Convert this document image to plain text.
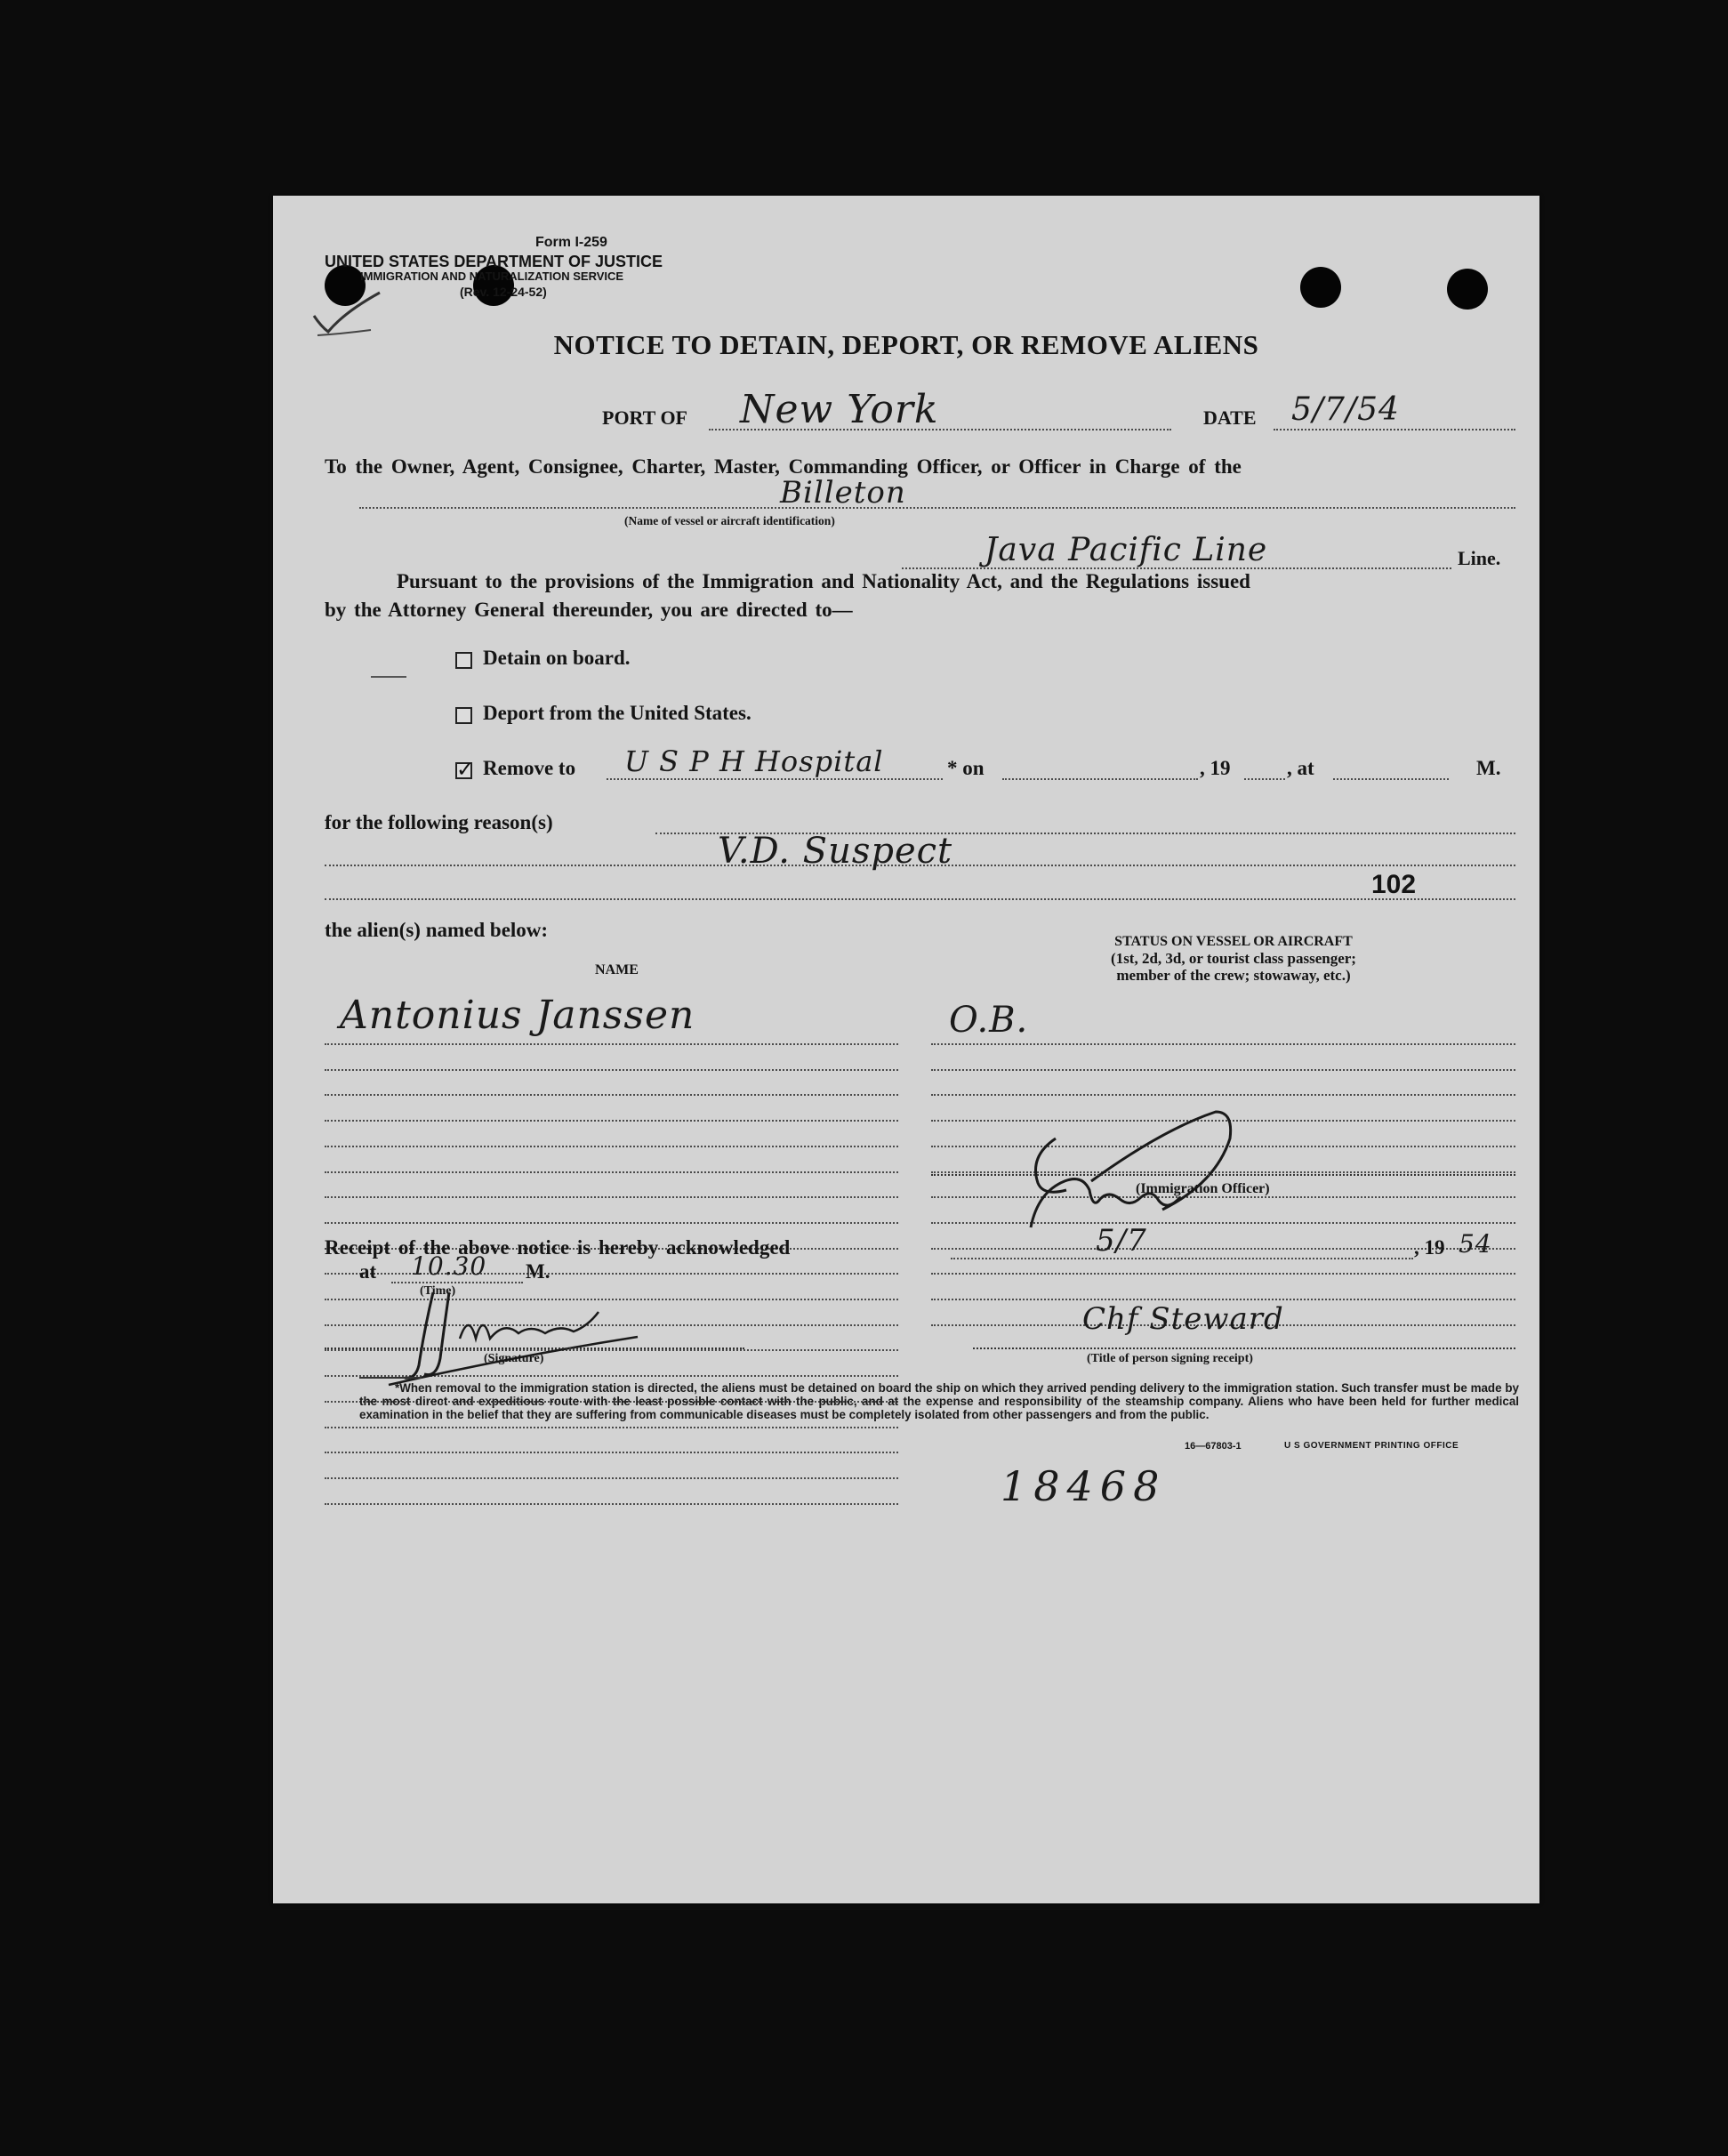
Form I-259
UNITED STATES DEPARTMENT OF JUSTICE
IMMIGRATION AND NATURALIZATION SERVICE
(Rev. 12-24-52)
NOTICE TO DETAIN, DEPORT, OR REMOVE ALIENS
PORT OF New York	DATE 5/7/54
To the Owner, Agent, Consignee, Charter, Master, Commanding Officer, or Officer in Charge of the
Billeton
(Name of vessel or aircraft identification)
Java Pacific Line	Line.
Pursuant to the provisions of the Immigration and Nationality Act, and the Regulations issued
by the Attorney General thereunder, you are directed to—
Detain on board.
Deport from the United States.
✓
Remove to U S P H Hospital	* on	, 19	, at	M.
for the following reason(s)
V.D. Suspect
102
the alien(s) named below:
NAME
STATUS ON VESSEL OR AIRCRAFT
(1st, 2d, 3d, or tourist class passenger;
member of the crew; stowaway, etc.)
Antonius Janssen	O.B.
(Immigration Officer)
Receipt of the above notice is hereby acknowledged	5/7	, 19 54
at 10.30 M.
(Time)
(Signature)
Chf Steward
(Title of person signing receipt)
*When removal to the immigration station is directed, the aliens must be detained on board the ship on which they arrived pending delivery to the immigration station. Such transfer must be made by the most direct and expeditious route with the least possible contact with the public, and at the expense and responsibility of the steamship company. Aliens who have been held for further medical examination in the belief that they are suffering from communicable diseases must be completely isolated from other passengers and from the public.
16—67803-1	U S GOVERNMENT PRINTING OFFICE
18468
